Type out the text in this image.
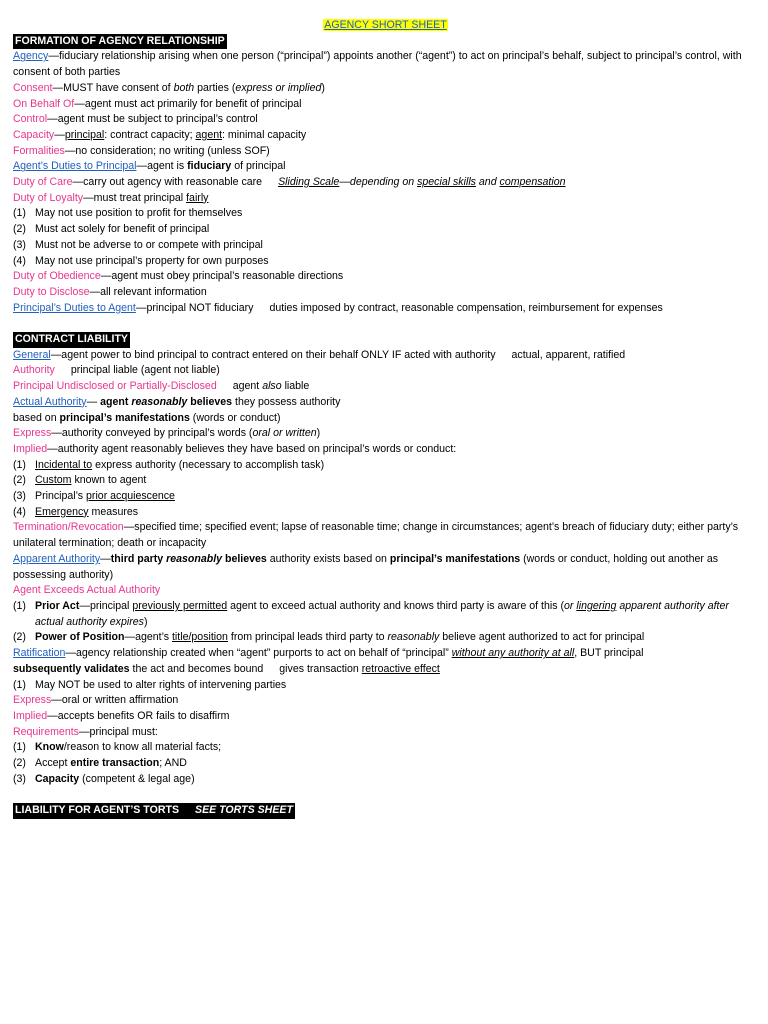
AGENCY SHORT SHEET
FORMATION OF AGENCY RELATIONSHIP
Agency—fiduciary relationship arising when one person (“principal”) appoints another (“agent”) to act on principal’s behalf, subject to principal’s control, with consent of both parties
Consent—MUST have consent of both parties (express or implied)
On Behalf Of—agent must act primarily for benefit of principal
Control—agent must be subject to principal’s control
Capacity—principal: contract capacity; agent: minimal capacity
Formalities—no consideration; no writing (unless SOF)
Agent’s Duties to Principal—agent is fiduciary of principal
Duty of Care—carry out agency with reasonable care Sliding Scale—depending on special skills and compensation
Duty of Loyalty—must treat principal fairly
(1) May not use position to profit for themselves
(2) Must act solely for benefit of principal
(3) Must not be adverse to or compete with principal
(4) May not use principal’s property for own purposes
Duty of Obedience—agent must obey principal’s reasonable directions
Duty to Disclose—all relevant information
Principal’s Duties to Agent—principal NOT fiduciary duties imposed by contract, reasonable compensation, reimbursement for expenses
CONTRACT LIABILITY
General—agent power to bind principal to contract entered on their behalf ONLY IF acted with authority actual, apparent, ratified
Authority principal liable (agent not liable)
Principal Undisclosed or Partially-Disclosed agent also liable
Actual Authority— agent reasonably believes they possess authority
based on principal’s manifestations (words or conduct)
Express—authority conveyed by principal’s words (oral or written)
Implied—authority agent reasonably believes they have based on principal’s words or conduct:
(1) Incidental to express authority (necessary to accomplish task)
(2) Custom known to agent
(3) Principal’s prior acquiescence
(4) Emergency measures
Termination/Revocation—specified time; specified event; lapse of reasonable time; change in circumstances; agent’s breach of fiduciary duty; either party’s unilateral termination; death or incapacity
Apparent Authority—third party reasonably believes authority exists based on principal’s manifestations (words or conduct, holding out another as possessing authority)
Agent Exceeds Actual Authority
(1) Prior Act—principal previously permitted agent to exceed actual authority and knows third party is aware of this (or lingering apparent authority after actual authority expires)
(2) Power of Position—agent’s title/position from principal leads third party to reasonably believe agent authorized to act for principal
Ratification—agency relationship created when “agent” purports to act on behalf of “principal” without any authority at all, BUT principal
subsequently validates the act and becomes bound gives transaction retroactive effect
(1) May NOT be used to alter rights of intervening parties
Express—oral or written affirmation
Implied—accepts benefits OR fails to disaffirm
Requirements—principal must:
(1) Know/reason to know all material facts;
(2) Accept entire transaction; AND
(3) Capacity (competent & legal age)
LIABILITY FOR AGENT’S TORTS SEE TORTS SHEET
